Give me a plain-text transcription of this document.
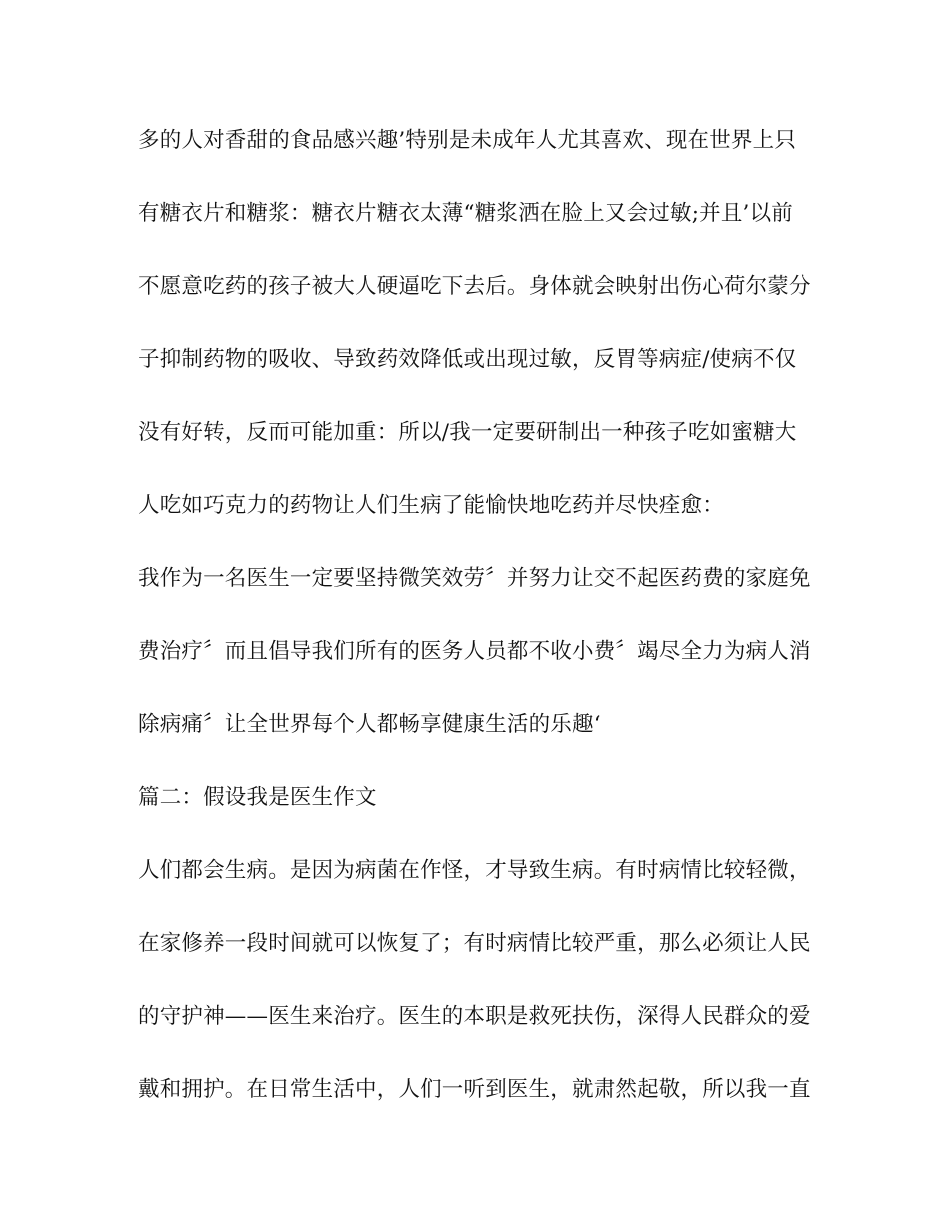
多的人对香甜的食品感兴趣’特别是未成年人尤其喜欢、现在世界上只
有糖衣片和糖浆：糖衣片糖衣太薄“糖浆洒在脸上又会过敏;并且’以前
不愿意吃药的孩子被大人硬逼吃下去后。身体就会映射出伤心荷尔蒙分
子抑制药物的吸收、导致药效降低或出现过敏，反胃等病症/使病不仅
没有好转，反而可能加重：所以/我一定要研制出一种孩子吃如蜜糖大
人吃如巧克力的药物让人们生病了能愉快地吃药并尽快痊愈：
我作为一名医生一定要坚持微笑效劳〞并努力让交不起医药费的家庭免
费治疗〞而且倡导我们所有的医务人员都不收小费〞竭尽全力为病人消
除病痛〞让全世界每个人都畅享健康生活的乐趣‘
篇二：假设我是医生作文
人们都会生病。是因为病菌在作怪，才导致生病。有时病情比较轻微，
在家修养一段时间就可以恢复了；有时病情比较严重，那么必须让人民
的守护神——医生来治疗。医生的本职是救死扶伤，深得人民群众的爱
戴和拥护。在日常生活中，人们一听到医生，就肃然起敬，所以我一直
